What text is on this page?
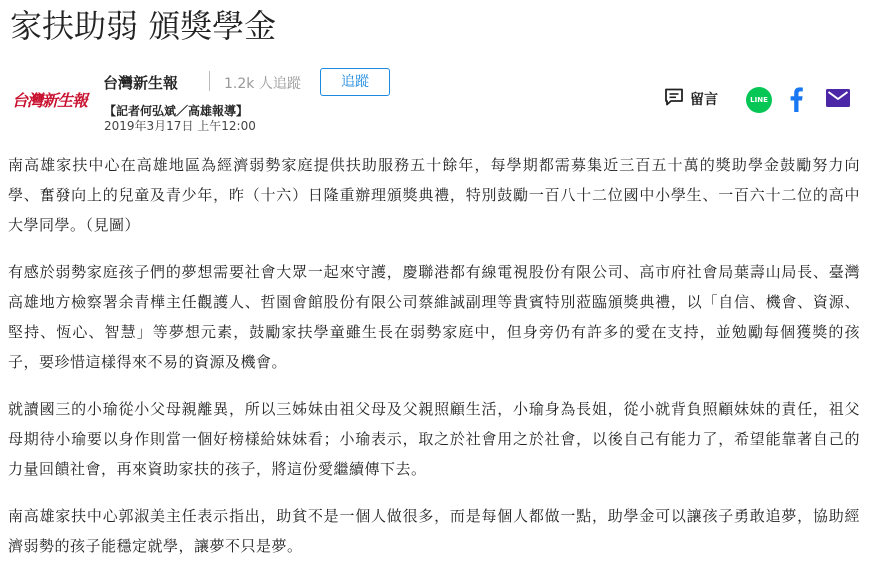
家扶助弱 頒獎學金
台灣新生報
台灣新生報	1.2k 人追蹤	追蹤
【記者何弘斌／高雄報導】
2019年3月17日 上午12:00
留言	LINE

南高雄家扶中心在高雄地區為經濟弱勢家庭提供扶助服務五十餘年，每學期都需募集近三百五十萬的獎助學金鼓勵努力向學、奮發向上的兒童及青少年，昨（十六）日隆重辦理頒獎典禮，特別鼓勵一百八十二位國中小學生、一百六十二位的高中大學同學。（見圖）

有感於弱勢家庭孩子們的夢想需要社會大眾一起來守護，慶聯港都有線電視股份有限公司、高市府社會局葉壽山局長、臺灣高雄地方檢察署余青樺主任觀護人、哲園會館股份有限公司蔡維誠副理等貴賓特別蒞臨頒獎典禮，以「自信、機會、資源、堅持、恆心、智慧」等夢想元素，鼓勵家扶學童雖生長在弱勢家庭中，但身旁仍有許多的愛在支持，並勉勵每個獲獎的孩子，要珍惜這樣得來不易的資源及機會。

就讀國三的小瑜從小父母親離異，所以三姊妹由祖父母及父親照顧生活，小瑜身為長姐，從小就背負照顧妹妹的責任，祖父母期待小瑜要以身作則當一個好榜樣給妹妹看；小瑜表示，取之於社會用之於社會，以後自己有能力了，希望能靠著自己的力量回饋社會，再來資助家扶的孩子，將這份愛繼續傳下去。

南高雄家扶中心郭淑美主任表示指出，助貧不是一個人做很多，而是每個人都做一點，助學金可以讓孩子勇敢追夢，協助經濟弱勢的孩子能穩定就學，讓夢不只是夢。
